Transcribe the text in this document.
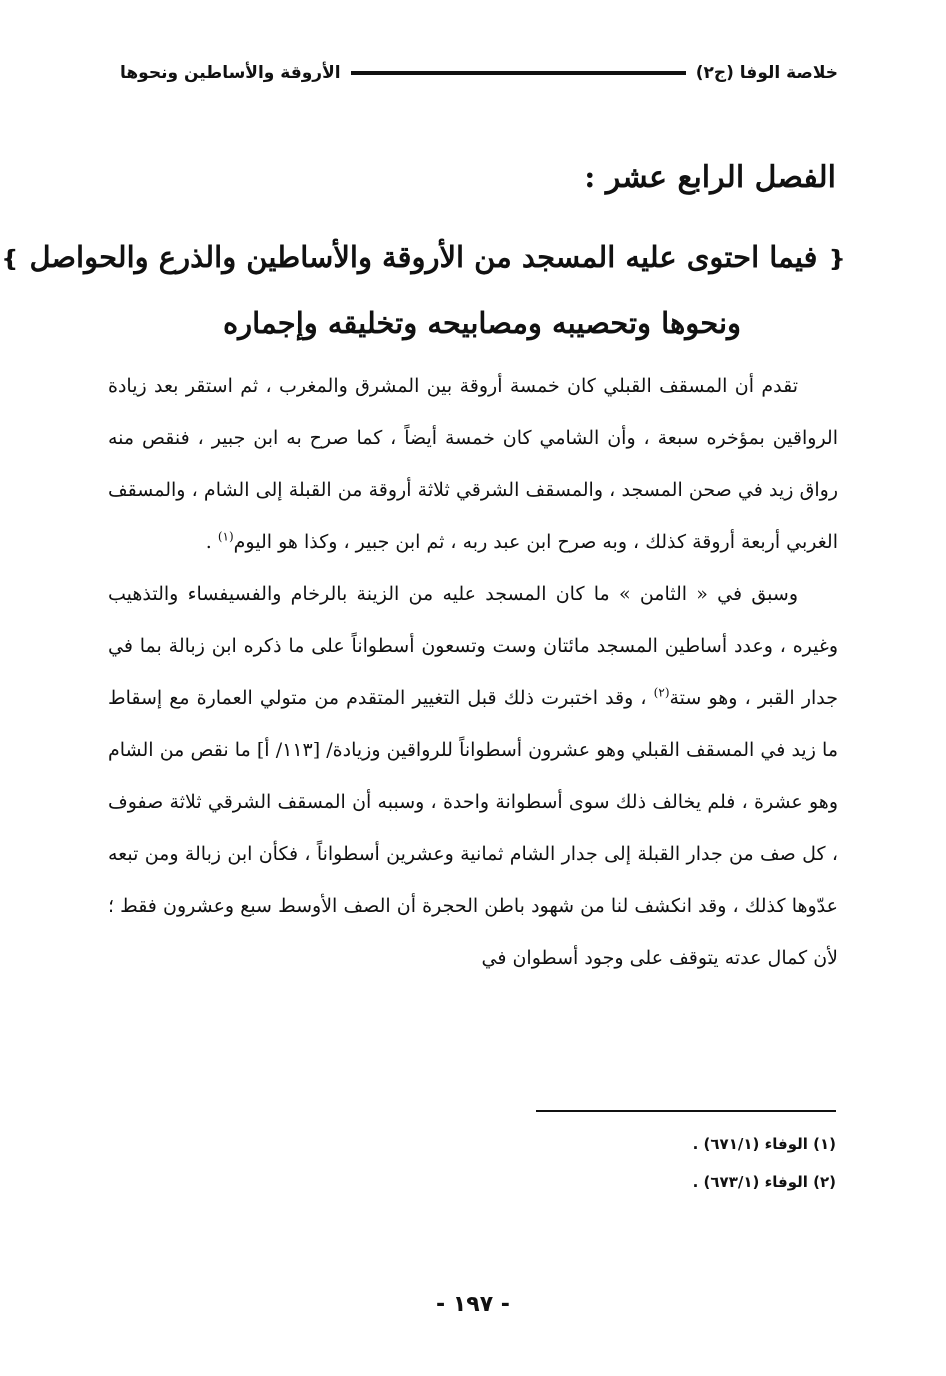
خلاصة الوفا (ج٢)
الأروقة والأساطين ونحوها
الفصل الرابع عشر :
❴ فيما احتوى عليه المسجد من الأروقة والأساطين والذرع والحواصل ❵
ونحوها وتحصيبه ومصابيحه وتخليقه وإجماره

تقدم أن المسقف القبلي كان خمسة أروقة بين المشرق والمغرب ، ثم استقر بعد زيادة الرواقين بمؤخره سبعة ، وأن الشامي كان خمسة أيضاً ، كما صرح به ابن جبير ، فنقص منه رواق زيد في صحن المسجد ، والمسقف الشرقي ثلاثة أروقة من القبلة إلى الشام ، والمسقف الغربي أربعة أروقة كذلك ، وبه صرح ابن عبد ربه ، ثم ابن جبير ، وكذا هو اليوم$^{(١)}$ .

وسبق في « الثامن » ما كان المسجد عليه من الزينة بالرخام والفسيفساء والتذهيب وغيره ، وعدد أساطين المسجد مائتان وست وتسعون أسطواناً على ما ذكره ابن زبالة بما في جدار القبر ، وهو ستة$^{(٢)}$ ، وقد اختبرت ذلك قبل التغيير المتقدم من متولي العمارة مع إسقاط ما زيد في المسقف القبلي وهو عشرون أسطواناً للرواقين وزيادة/ [١١٣/ أ] ما نقص من الشام وهو عشرة ، فلم يخالف ذلك سوى أسطوانة واحدة ، وسببه أن المسقف الشرقي ثلاثة صفوف ، كل صف من جدار القبلة إلى جدار الشام ثمانية وعشرين أسطواناً ، فكأن ابن زبالة ومن تبعه عدّوها كذلك ، وقد انكشف لنا من شهود باطن الحجرة أن الصف الأوسط سبع وعشرون فقط ؛ لأن كمال عدته يتوقف على وجود أسطوان في

(١) الوفاء (٦٧١/١) .
(٢) الوفاء (٦٧٣/١) .
- ١٩٧ -
